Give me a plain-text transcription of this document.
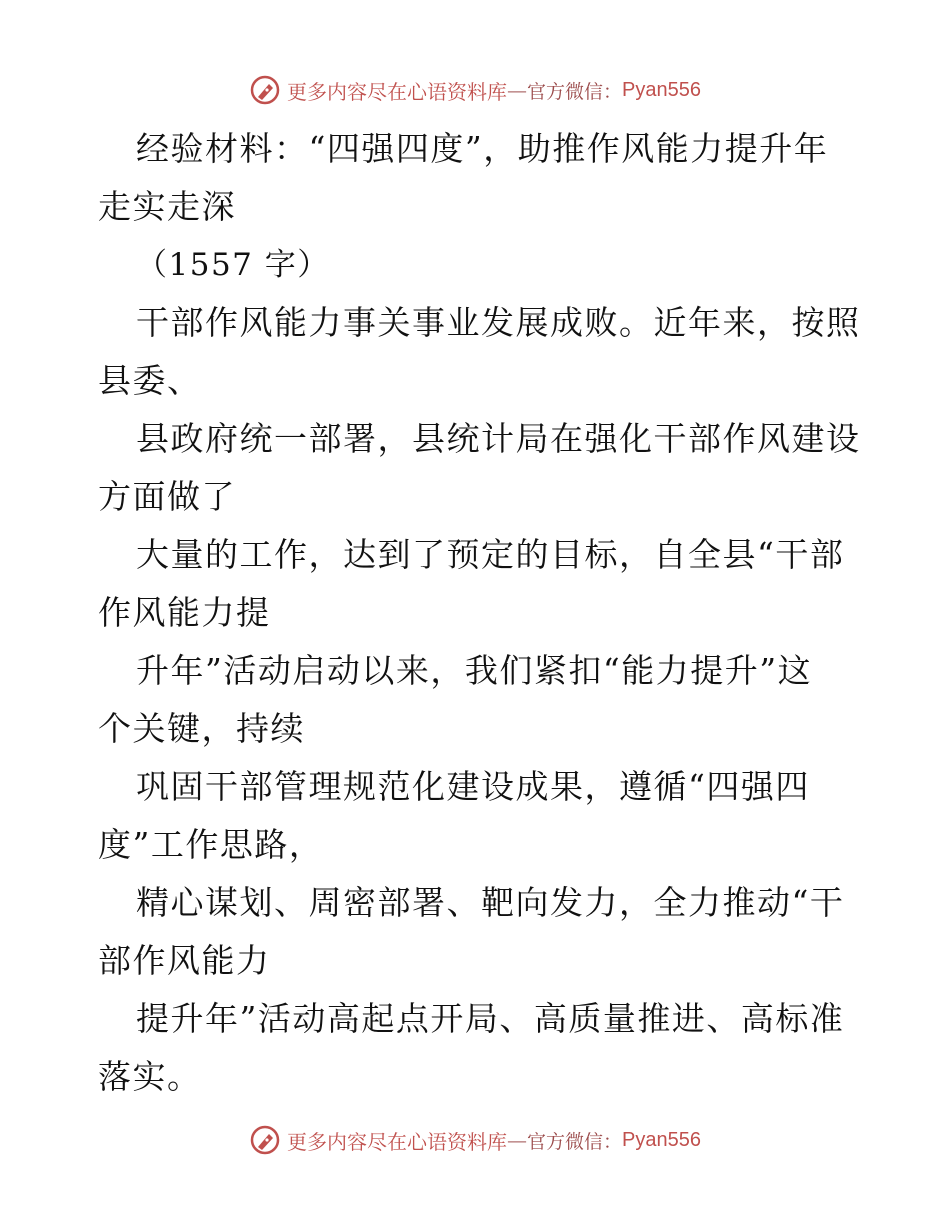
更多内容尽在心语资料库 — 官方微信： Pyan556
经验材料：“四强四度”，助推作风能力提升年
走实走深
（1557 字）
干部作风能力事关事业发展成败。近年来，按照
县委、
县政府统一部署，县统计局在强化干部作风建设
方面做了
大量的工作，达到了预定的目标，自全县“干部
作风能力提
升年”活动启动以来，我们紧扣“能力提升”这
个关键，持续
巩固干部管理规范化建设成果，遵循“四强四
度”工作思路，
精心谋划、周密部署、靶向发力，全力推动“干
部作风能力
提升年”活动高起点开局、高质量推进、高标准
落实。
更多内容尽在心语资料库 — 官方微信： Pyan556
